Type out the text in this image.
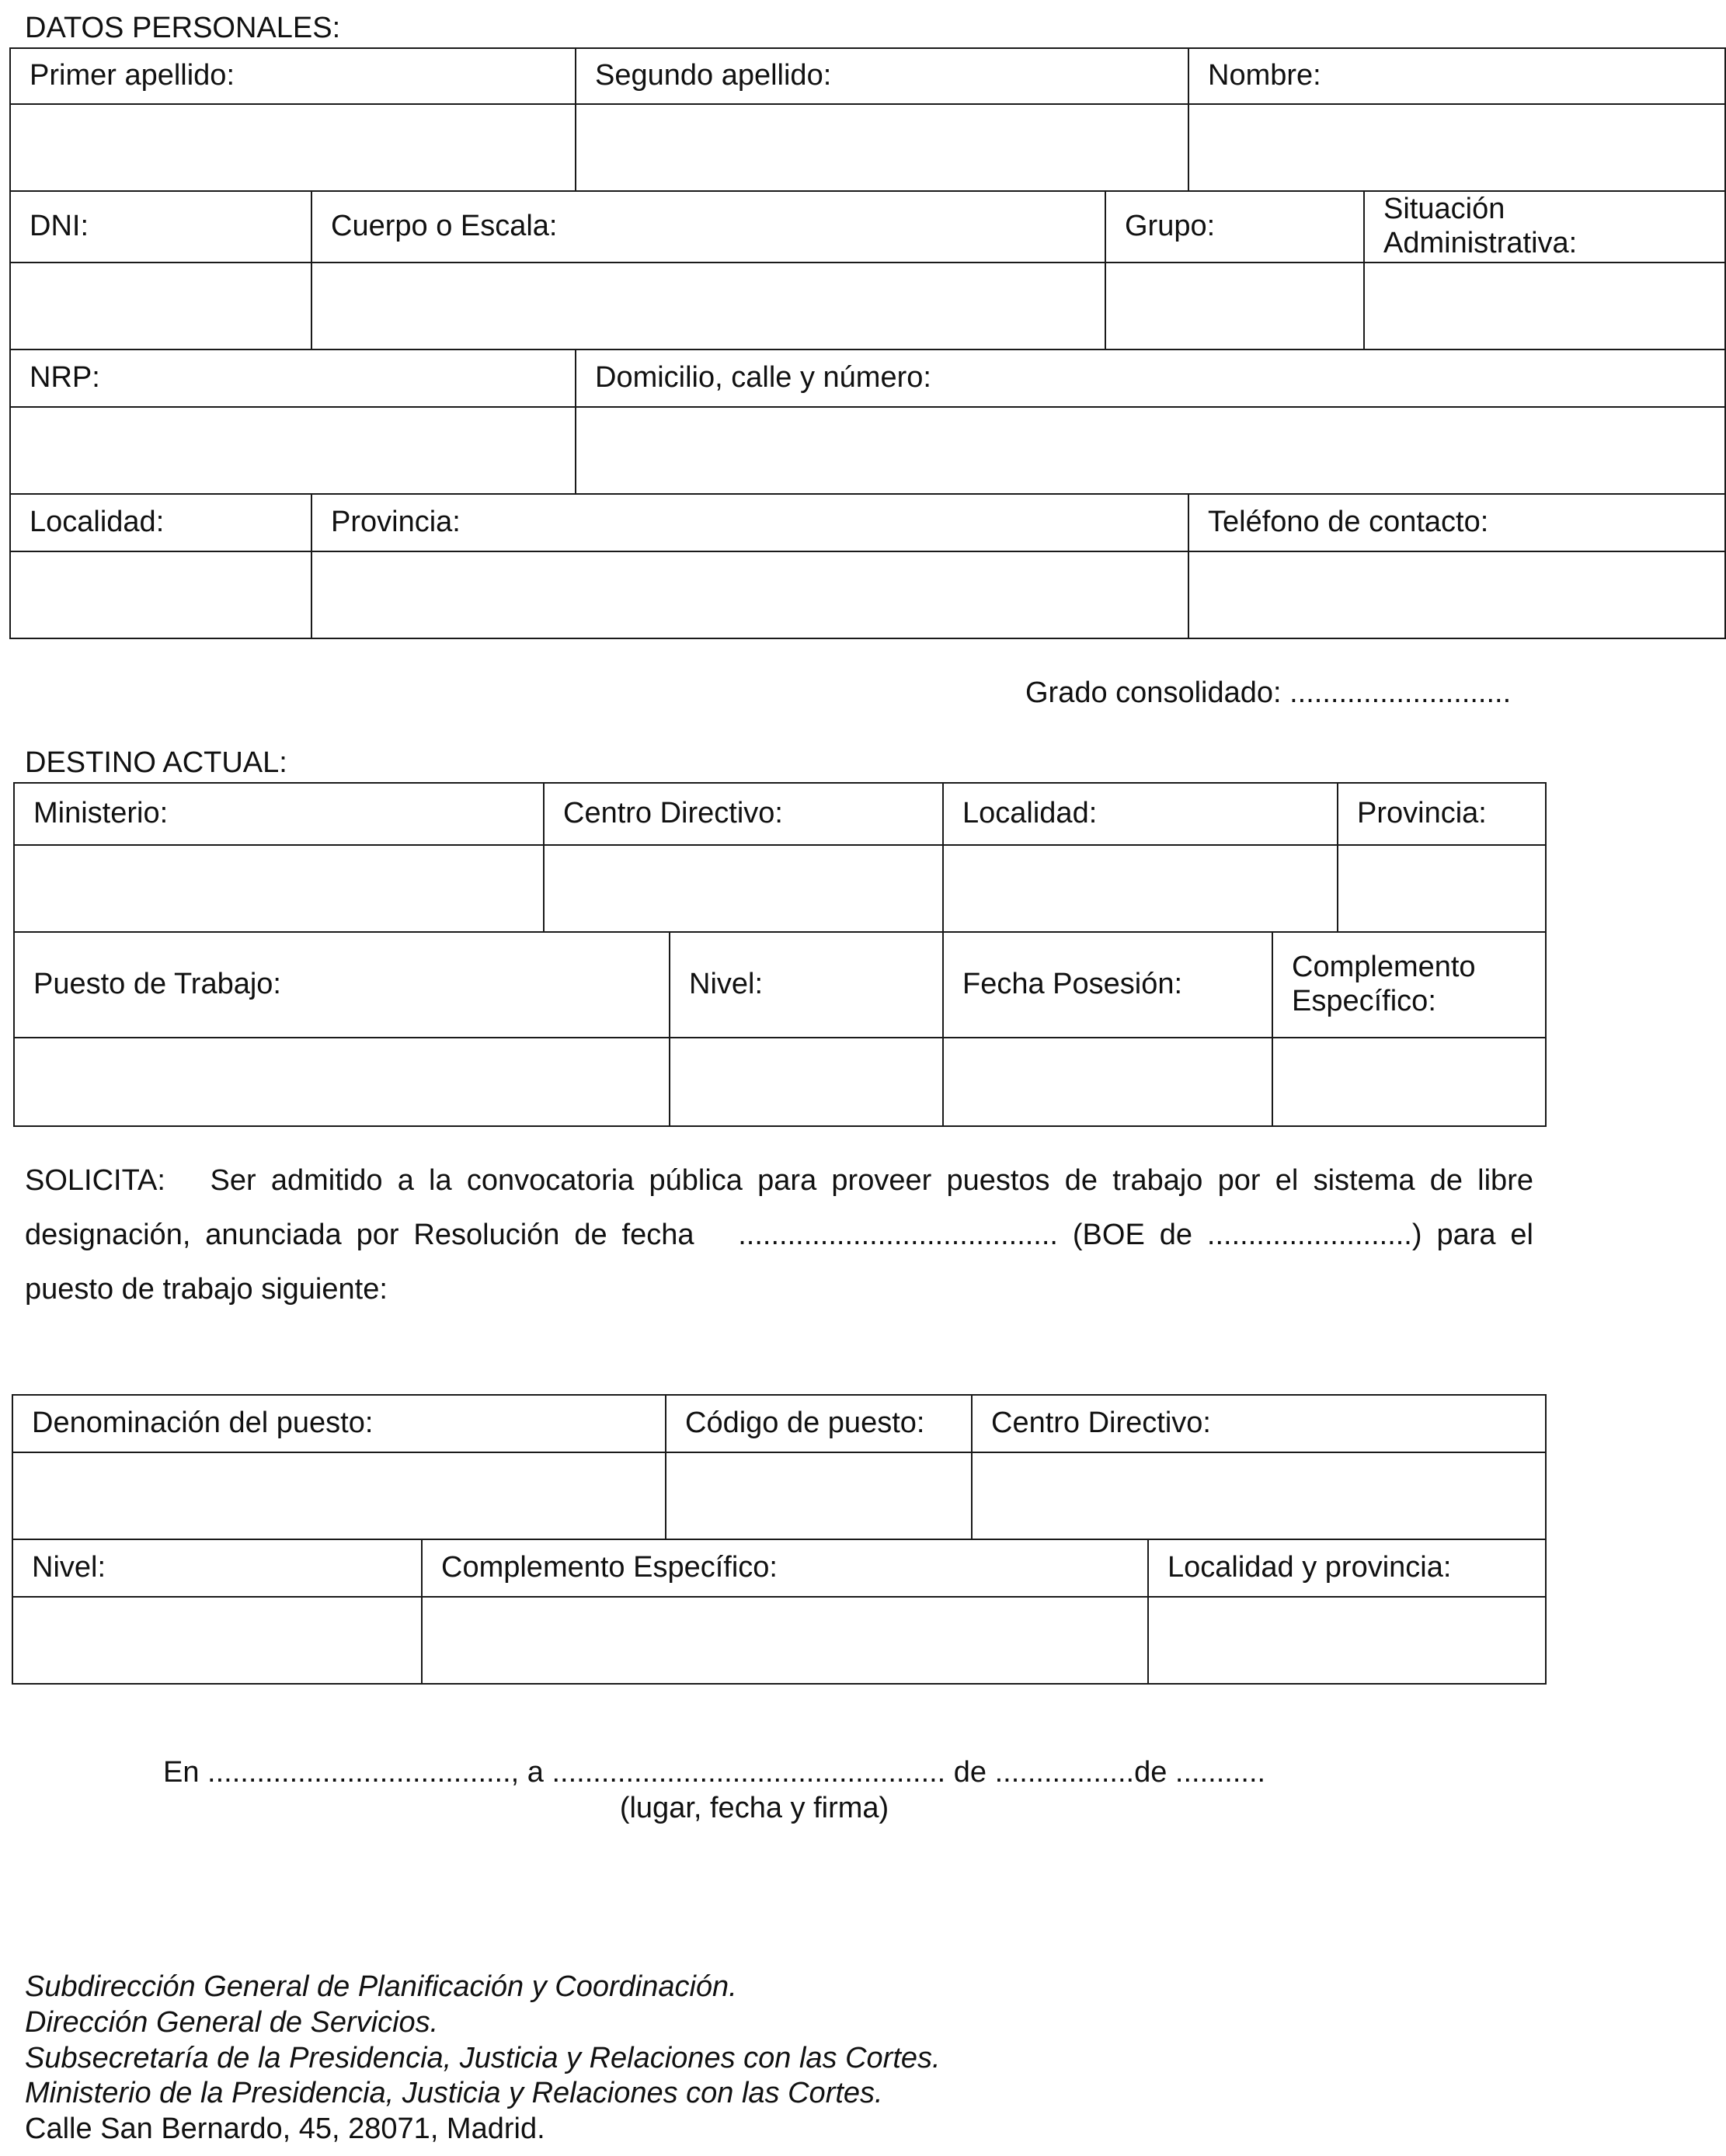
DATOS PERSONALES:
Primer apellido:		Segundo apellido:		Nombre:	

DNI:	Cuerpo o Escala:		Grupo:		Situación
Administrativa:

NRP:		Domicilio, calle y número:			

Localidad:	Provincia:			Teléfono de contacto:	

Grado consolidado: ...........................
DESTINO ACTUAL:
Ministerio:	Centro Directivo:		Localidad:		Provincia:

Puesto de Trabajo:		Nivel:	Fecha Posesión:	Complemento
Específico:	

SOLICITA: Ser admitido a la convocatoria pública para proveer puestos de trabajo por el sistema de libre designación, anunciada por Resolución de fecha ....................................... (BOE de .........................) para el puesto de trabajo siguiente:
Denominación del puesto:		Código de puesto:	Centro Directivo:	

Nivel:	Complemento Específico:			Localidad y provincia:

En ....................................., a ................................................ de .................de ...........
(lugar, fecha y firma)
Subdirección General de Planificación y Coordinación.
Dirección General de Servicios.
Subsecretaría de la Presidencia, Justicia y Relaciones con las Cortes.
Ministerio de la Presidencia, Justicia y Relaciones con las Cortes.
Calle San Bernardo, 45, 28071, Madrid.
